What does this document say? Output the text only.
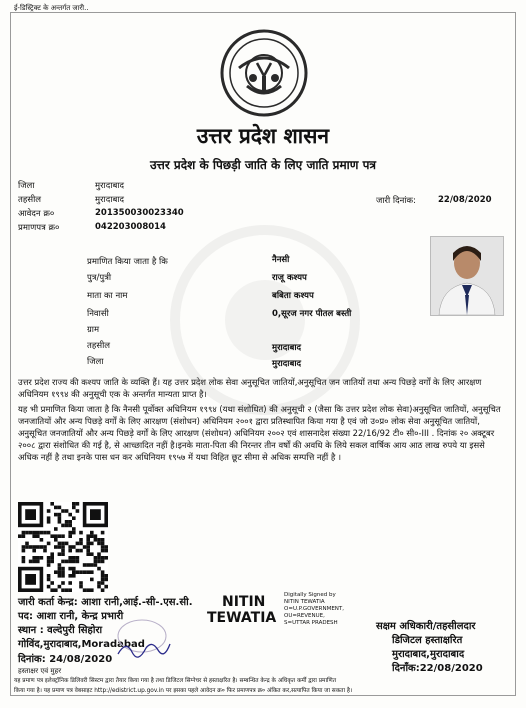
ई-डिस्ट्रिक्ट के अन्तर्गत जारी..
उत्तर प्रदेश शासन
उत्तर प्रदेश के पिछड़ी जाति के लिए जाति प्रमाण पत्र
जिला	मुरादाबाद
तहसील	मुरादाबाद
आवेदन क्र०	201350030023340
प्रमाणपत्र क्र०	042203008014
जारी दिनांक:	22/08/2020
प्रमाणित किया जाता है कि	नैनसी
पुत्र/पुत्री	राजू कश्यप
माता का नाम	बबिता कश्यप
निवासी	0,सूरज नगर पीतल बस्ती
ग्राम
तहसील	मुरादाबाद
जिला	मुरादाबाद
उत्तर प्रदेश राज्य की कश्यप जाति के व्यक्ति हैं। यह उत्तर प्रदेश लोक सेवा अनुसूचित जातियों,अनुसूचित जन जातियों तथा अन्य पिछड़े वर्गों के लिए आरक्षण अधिनियम १९९४ की अनुसूची एक के अन्तर्गत मान्यता प्राप्त है।
यह भी प्रमाणित किया जाता है कि नैनसी पूर्वोक्त अधिनियम १९९४ (यथा संशोधित) की अनुसूची २ (जैसा कि उत्तर प्रदेश लोक सेवा)अनुसूचित जातियों, अनुसूचित जनजातियों और अन्य पिछड़े वर्गों के लिए आरक्षण (संशोधन) अधिनियम २००१ द्वारा प्रतिस्थापित किया गया है एवं जो उ०प्र० लोक सेवा अनुसूचित जातियों, अनुसूचित जनजातियों और अन्य पिछड़े वर्गों के लिए आरक्षण (संशोधन) अधिनियम २००२ एवं शासनादेश संख्या 22/16/92 टी० सी०-III . दिनांक २० अक्टूबर २००८ द्वारा संशोधित की गई है, से आच्छादित नहीं है।इनके माता-पिता की निरन्तर तीन वर्षों की अवधि के लिये सकल वार्षिक आय आठ लाख रुपये या इससे अधिक नहीं है तथा इनके पास धन कर अधिनियम १९५७ में यथा विहित छूट सीमा से अधिक सम्पत्ति नहीं है ।
जारी कर्ता केन्द्र: आशा रानी,आई.-सी-.एस.सी.
पद: आशा रानी, केन्द्र प्रभारी
स्थान : वल्देपुरी सिहोरा
गोविंद,मुरादाबाद,Moradabad
दिनांक: 24/08/2020
हस्ताक्षर एवं मुहर
NITIN
TEWATIA
Digitally Signed by
NITIN TEWATIA
O=U.P.GOVERNMENT,
OU=REVENUE,
S=UTTAR PRADESH	सक्षम अधिकारी/तहसीलदार
डिजिटल हस्ताक्षरित
मुरादाबाद,मुरादाबाद
दिनाँक:22/08/2020
यह प्रमाण पत्र इलेक्ट्रॉनिक डिलिवरी सिस्टम द्वारा तैयार किया गया है तथा डिजिटल सिग्नेचर से हस्ताक्षरित है। सम्बन्धित केन्द्र के अधिकृत कर्मी द्वारा प्रमाणित
किया गया है। यह प्रमाण पत्र वेबसाइट http://edistrict.up.gov.in पर इसका पहले आवेदन क्र० फिर प्रमाणपत्र क्र० अंकित कर,सत्यापित किया जा सकता है।
